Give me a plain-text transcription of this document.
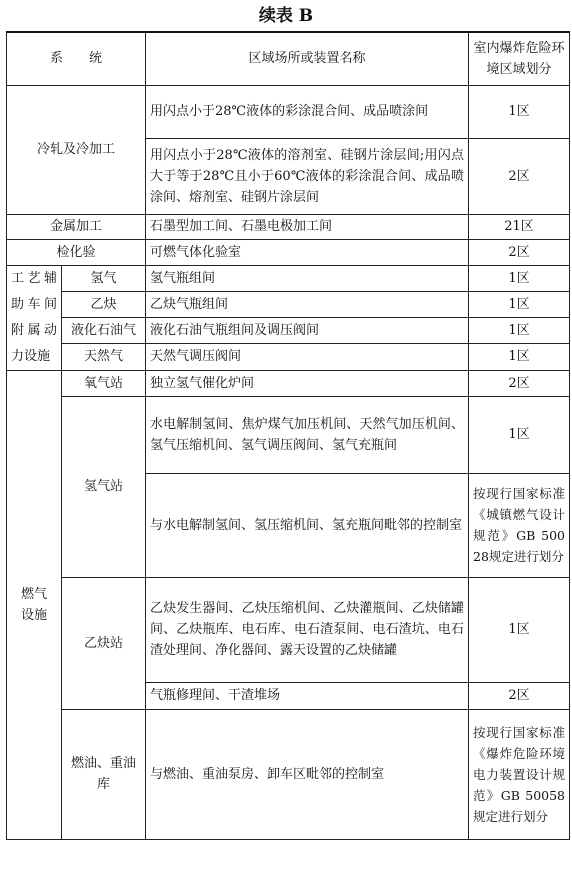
续表 B
系　　统		区域场所或装置名称	室内爆炸危险环境区域划分
冷轧及冷加工		用闪点小于28℃液体的彩涂混合间、成品喷涂间	1区
		用闪点小于28℃液体的溶剂室、硅钢片涂层间;用闪点大于等于28℃且小于60℃液体的彩涂混合间、成品喷涂间、熔剂室、硅钢片涂层间	2区
金属加工		石墨型加工间、石墨电极加工间	21区
检化验		可燃气体化验室	2区
工艺辅助车间附属动力设施	氢气	氢气瓶组间	1区
	乙炔	乙炔气瓶组间	1区
	液化石油气	液化石油气瓶组间及调压阀间	1区
	天然气	天然气调压阀间	1区
燃气设施	氧气站	独立氢气催化炉间	2区
	氢气站	水电解制氢间、焦炉煤气加压机间、天然气加压机间、氢气压缩机间、氢气调压阀间、氢气充瓶间	1区
		与水电解制氢间、氢压缩机间、氢充瓶间毗邻的控制室	按现行国家标准《城镇燃气设计规范》GB 50028规定进行划分
	乙炔站	乙炔发生器间、乙炔压缩机间、乙炔灌瓶间、乙炔储罐间、乙炔瓶库、电石库、电石渣泵间、电石渣坑、电石渣处理间、净化器间、露天设置的乙炔储罐	1区
		气瓶修理间、干渣堆场	2区
	燃油、重油库	与燃油、重油泵房、卸车区毗邻的控制室	按现行国家标准《爆炸危险环境电力装置设计规范》GB 50058规定进行划分
